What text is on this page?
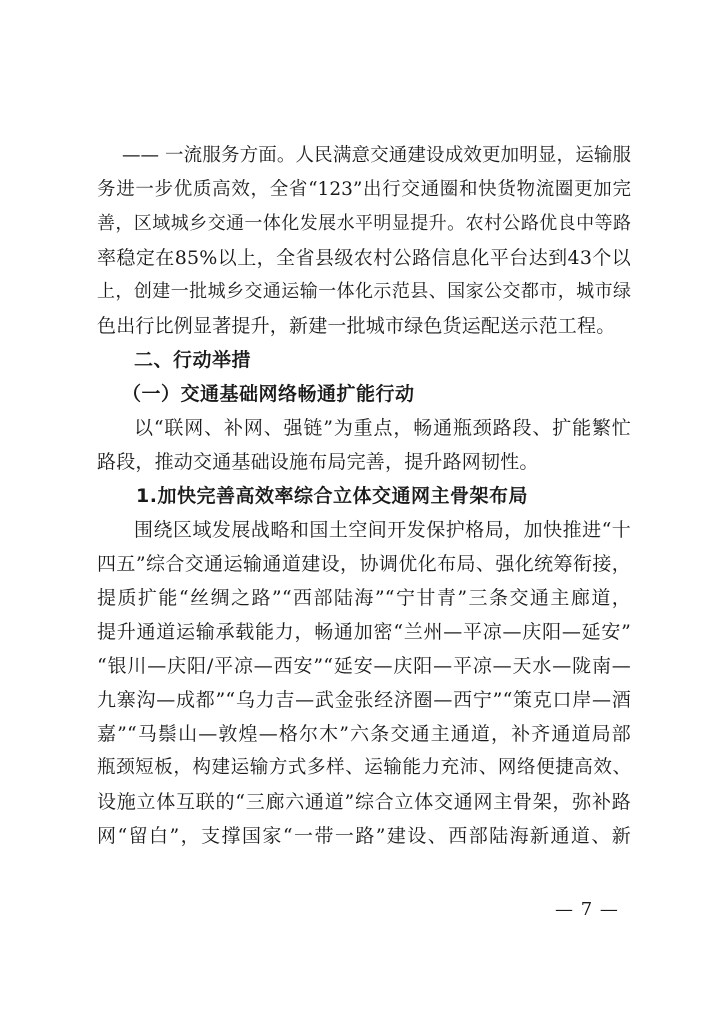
—— 一流服务方面。人民满意交通建设成效更加明显，运输服
务进一步优质高效，全省“123”出行交通圈和快货物流圈更加完
善，区域城乡交通一体化发展水平明显提升。农村公路优良中等路
率稳定在85%以上，全省县级农村公路信息化平台达到43个以
上，创建一批城乡交通运输一体化示范县、国家公交都市，城市绿
色出行比例显著提升，新建一批城市绿色货运配送示范工程。
二、行动举措
（一）交通基础网络畅通扩能行动
以“联网、补网、强链”为重点，畅通瓶颈路段、扩能繁忙
路段，推动交通基础设施布局完善，提升路网韧性。
1.加快完善高效率综合立体交通网主骨架布局
围绕区域发展战略和国土空间开发保护格局，加快推进“十
四五”综合交通运输通道建设，协调优化布局、强化统筹衔接，
提质扩能“丝绸之路”“西部陆海”“宁甘青”三条交通主廊道，
提升通道运输承载能力，畅通加密“兰州—平凉—庆阳—延安”
“银川—庆阳/平凉—西安”“延安—庆阳—平凉—天水—陇南—
九寨沟—成都”“乌力吉—武金张经济圈—西宁”“策克口岸—酒
嘉”“马鬃山—敦煌—格尔木”六条交通主通道，补齐通道局部
瓶颈短板，构建运输方式多样、运输能力充沛、网络便捷高效、
设施立体互联的“三廊六通道”综合立体交通网主骨架，弥补路
网“留白”，支撑国家“一带一路”建设、西部陆海新通道、新
— 7 —
